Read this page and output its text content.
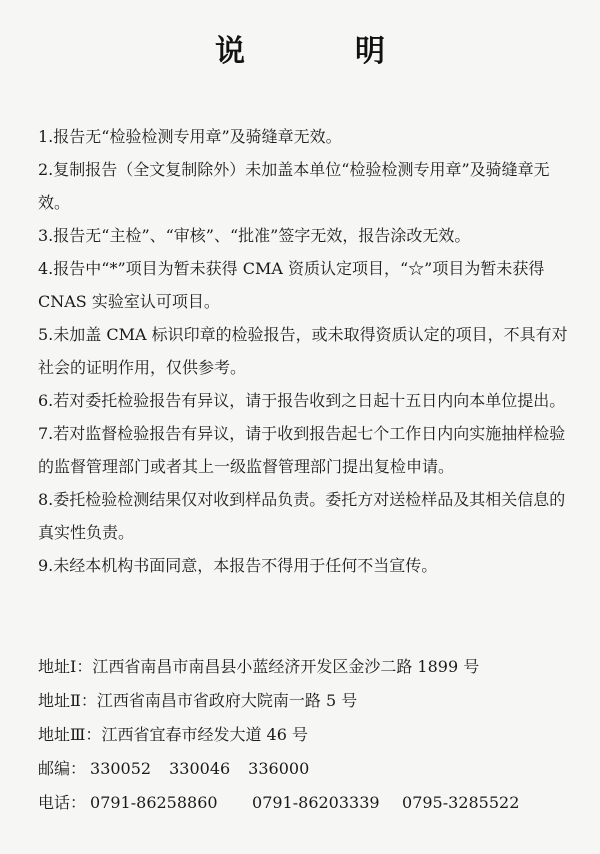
说　明

1.报告无“检验检测专用章”及骑缝章无效。

2.复制报告（全文复制除外）未加盖本单位“检验检测专用章”及骑缝章无效。

3.报告无“主检”、“审核”、“批准”签字无效，报告涂改无效。

4.报告中“*”项目为暂未获得 CMA 资质认定项目，“☆”项目为暂未获得 CNAS 实验室认可项目。

5.未加盖 CMA 标识印章的检验报告，或未取得资质认定的项目，不具有对社会的证明作用，仅供参考。

6.若对委托检验报告有异议，请于报告收到之日起十五日内向本单位提出。

7.若对监督检验报告有异议，请于收到报告起七个工作日内向实施抽样检验的监督管理部门或者其上一级监督管理部门提出复检申请。

8.委托检验检测结果仅对收到样品负责。委托方对送检样品及其相关信息的真实性负责。

9.未经本机构书面同意，本报告不得用于任何不当宣传。

地址Ⅰ：江西省南昌市南昌县小蓝经济开发区金沙二路 1899 号
地址Ⅱ：江西省南昌市省政府大院南一路 5 号
地址Ⅲ：江西省宜春市经发大道 46 号
邮编： 330052 330046 336000
电话： 0791-86258860 0791-86203339 0795-3285522
